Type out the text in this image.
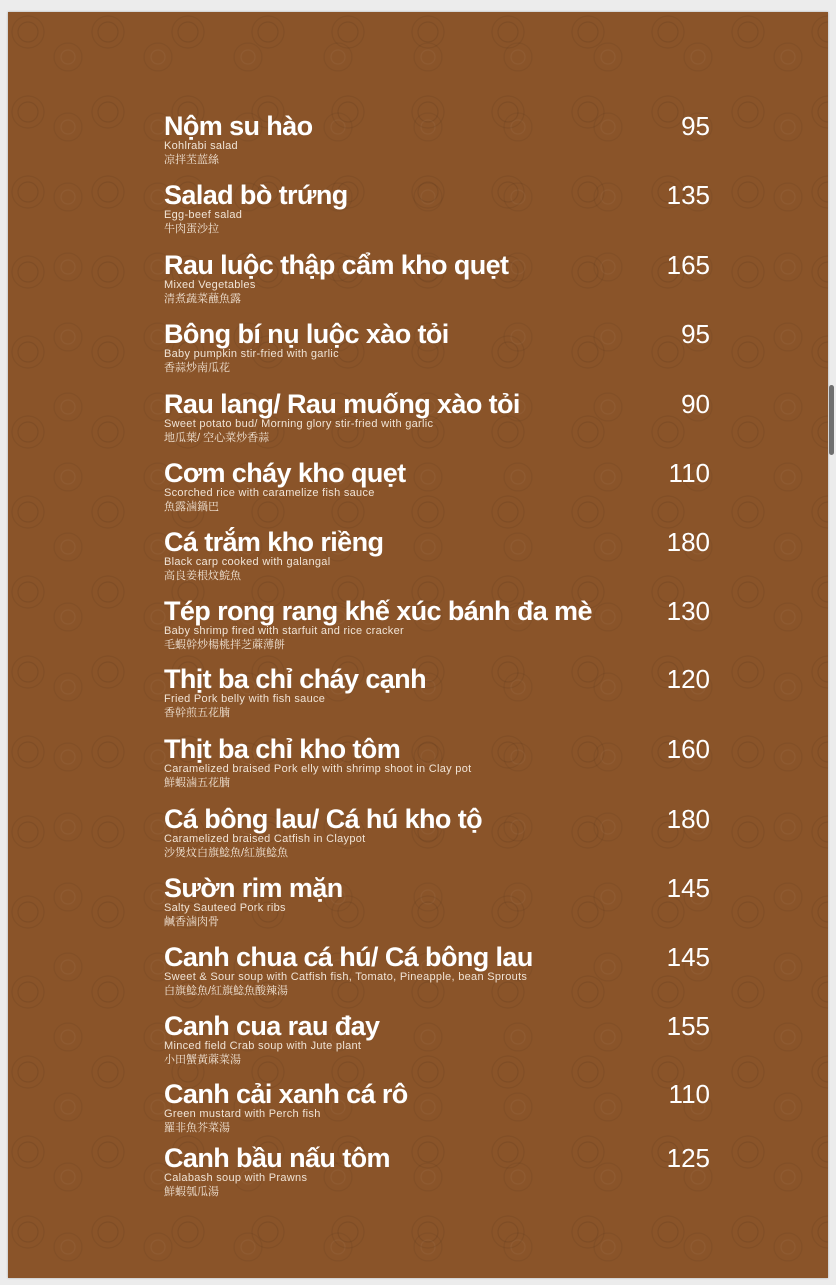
Nộm su hào	95
Kohlrabi salad
凉拌苤蓝絲
Salad bò trứng	135
Egg-beef salad
牛肉蛋沙拉
Rau luộc thập cẩm kho quẹt	165
Mixed Vegetables
清煮蔬菜蘸魚露
Bông bí nụ luộc xào tỏi	95
Baby pumpkin stir-fried with garlic
香蒜炒南瓜花
Rau lang/ Rau muống xào tỏi	90
Sweet potato bud/ Morning glory stir-fried with garlic
地瓜葉/ 空心菜炒香蒜
Cơm cháy kho quẹt	110
Scorched rice with caramelize fish sauce
魚露滷鍋巴
Cá trắm kho riềng	180
Black carp cooked with galangal
高良姜根炆鯇魚
Tép rong rang khế xúc bánh đa mè	130
Baby shrimp fired with starfuit and rice cracker
毛蝦幹炒楊桃拌芝蔴薄餅
Thịt ba chỉ cháy cạnh	120
Fried Pork belly with fish sauce
香幹煎五花腩
Thịt ba chỉ kho tôm	160
Caramelized braised Pork elly with shrimp shoot in Clay pot
鮮蝦滷五花腩
Cá bông lau/ Cá hú kho tộ	180
Caramelized braised Catfish in Claypot
沙煲炆白旗鯰魚/紅旗鯰魚
Sườn rim mặn	145
Salty Sauteed Pork ribs
鹹香滷肉骨
Canh chua cá hú/ Cá bông lau	145
Sweet & Sour soup with Catfish fish, Tomato, Pineapple, bean Sprouts
白旗鯰魚/紅旗鯰魚酸辣湯
Canh cua rau đay	155
Minced field Crab soup with Jute plant
小田蟹黃蔴菜湯
Canh cải xanh cá rô	110
Green mustard with Perch fish
羅非魚芥菜湯
Canh bầu nấu tôm	125
Calabash soup with Prawns
鮮蝦瓠瓜湯
